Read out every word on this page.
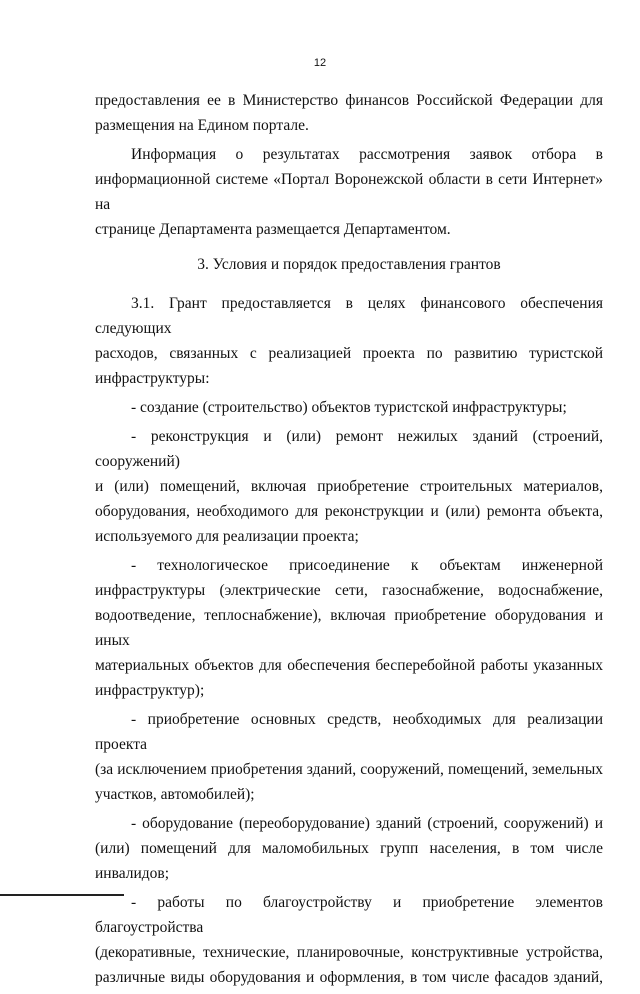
12

предоставления ее в Министерство финансов Российской Федерации для
размещения на Едином портале.

Информация о результатах рассмотрения заявок отбора в
информационной системе «Портал Воронежской области в сети Интернет» на
странице Департамента размещается Департаментом.

3. Условия и порядок предоставления грантов

3.1. Грант предоставляется в целях финансового обеспечения следующих
расходов, связанных с реализацией проекта по развитию туристской
инфраструктуры:

- создание (строительство) объектов туристской инфраструктуры;

- реконструкция и (или) ремонт нежилых зданий (строений, сооружений)
и (или) помещений, включая приобретение строительных материалов,
оборудования, необходимого для реконструкции и (или) ремонта объекта,
используемого для реализации проекта;

- технологическое присоединение к объектам инженерной
инфраструктуры (электрические сети, газоснабжение, водоснабжение,
водоотведение, теплоснабжение), включая приобретение оборудования и иных
материальных объектов для обеспечения бесперебойной работы указанных
инфраструктур);

- приобретение основных средств, необходимых для реализации проекта
(за исключением приобретения зданий, сооружений, помещений, земельных
участков, автомобилей);

- оборудование (переоборудование) зданий (строений, сооружений) и
(или) помещений для маломобильных групп населения, в том числе инвалидов;

- работы по благоустройству и приобретение элементов благоустройства
(декоративные, технические, планировочные, конструктивные устройства,
различные виды оборудования и оформления, в том числе фасадов зданий,
